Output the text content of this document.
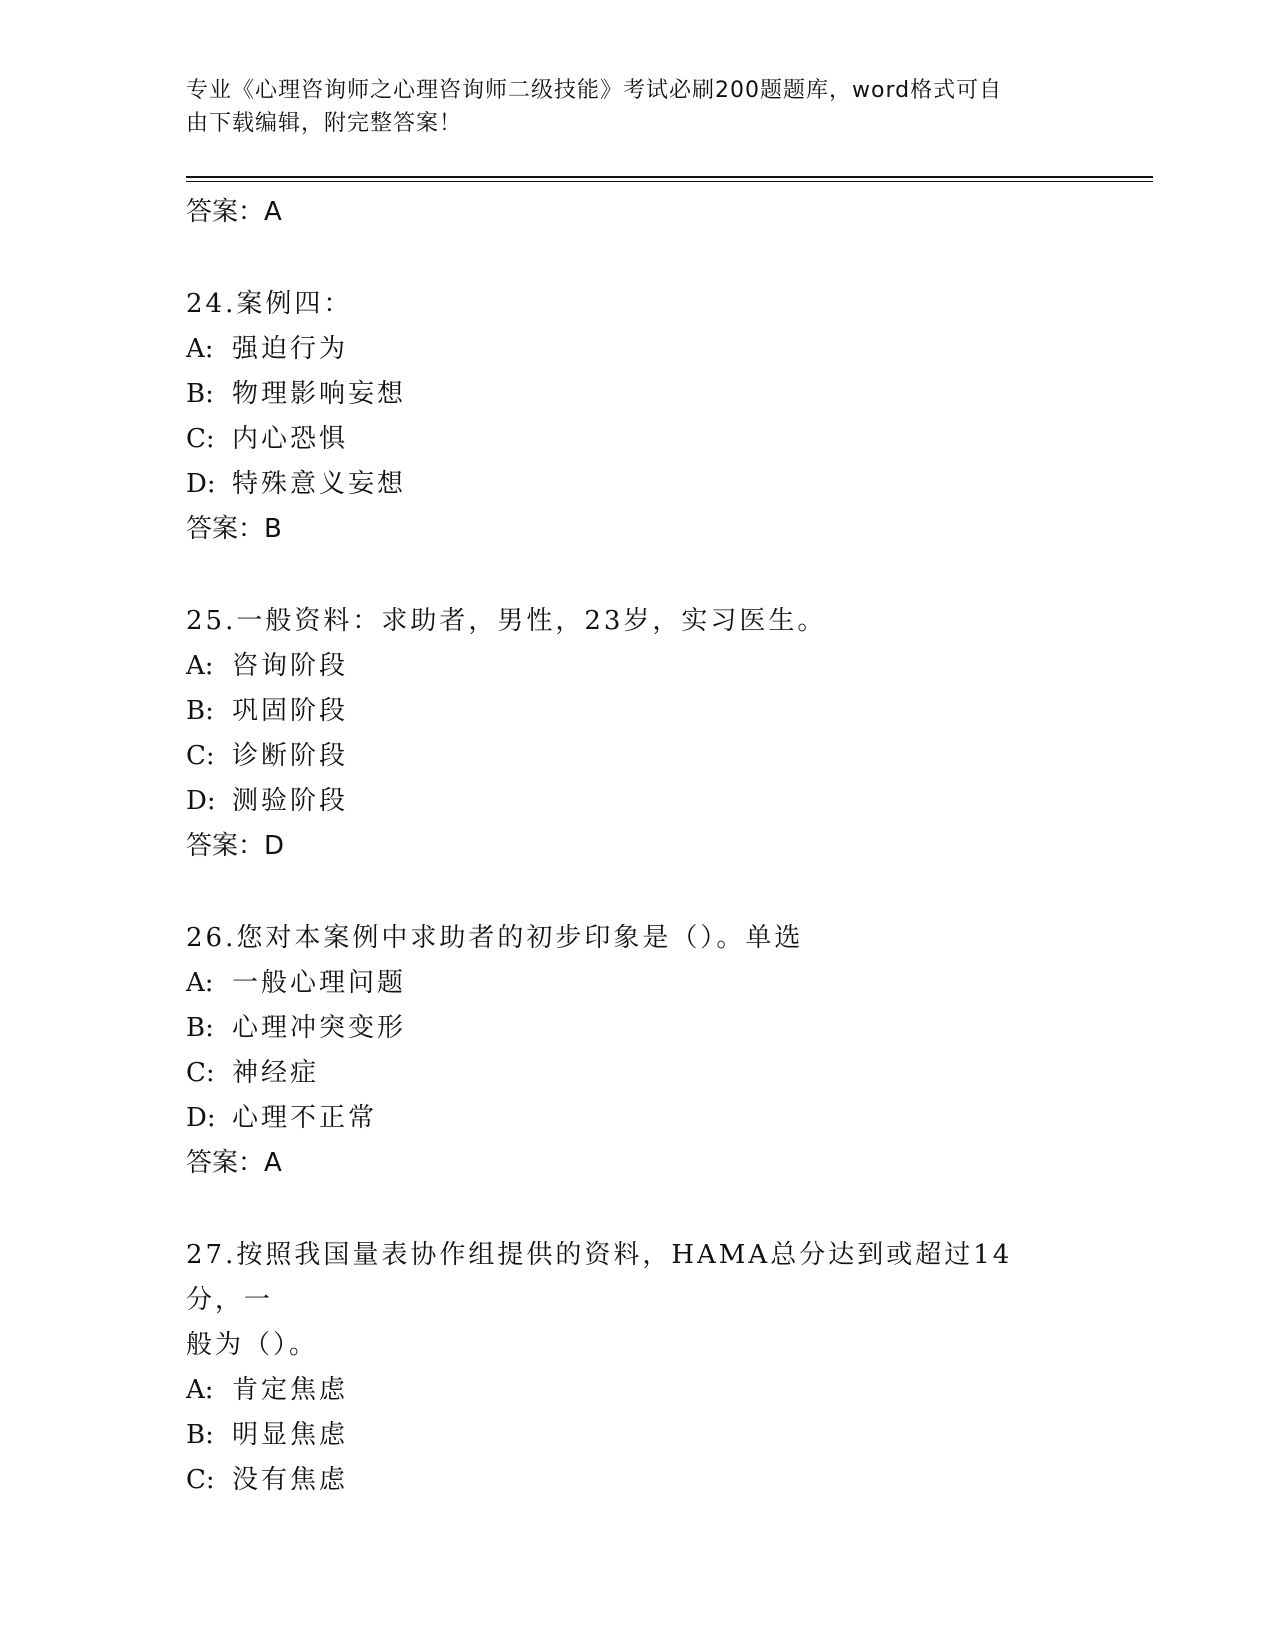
专业《心理咨询师之心理咨询师二级技能》考试必刷200题题库，word格式可自
由下载编辑，附完整答案！
答案：A
24.案例四：
A: 强迫行为
B: 物理影响妄想
C: 内心恐惧
D: 特殊意义妄想
答案：B
25.一般资料：求助者，男性，23岁，实习医生。
A: 咨询阶段
B: 巩固阶段
C: 诊断阶段
D: 测验阶段
答案：D
26.您对本案例中求助者的初步印象是（）。单选
A: 一般心理问题
B: 心理冲突变形
C: 神经症
D: 心理不正常
答案：A
27.按照我国量表协作组提供的资料，HAMA总分达到或超过14分，一
般为（）。
A: 肯定焦虑
B: 明显焦虑
C: 没有焦虑
